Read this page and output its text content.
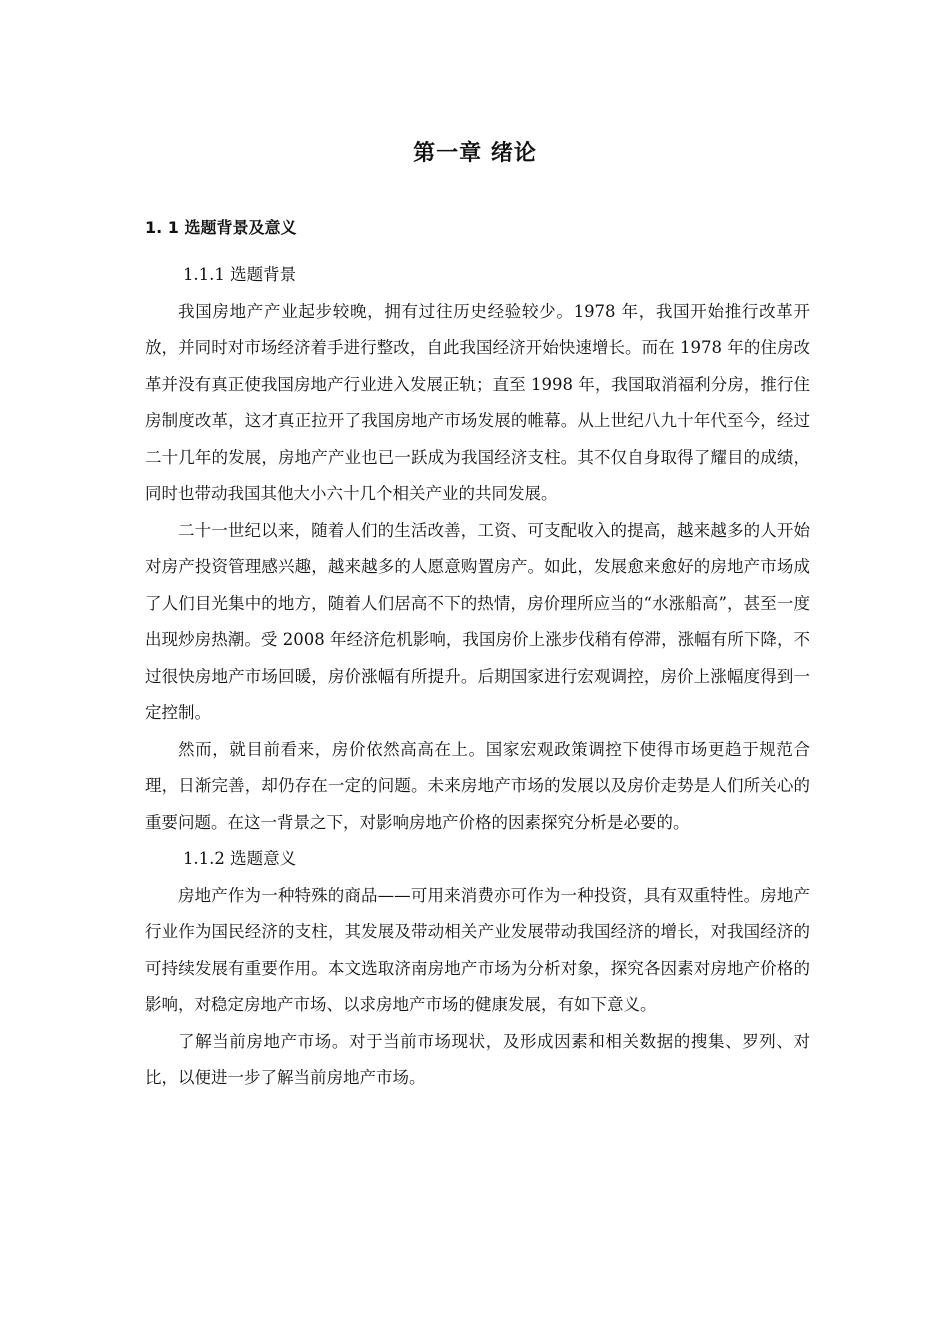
第一章 绪论
1. 1 选题背景及意义

1.1.1 选题背景

我国房地产产业起步较晚，拥有过往历史经验较少。1978 年，我国开始推行改革开放，并同时对市场经济着手进行整改，自此我国经济开始快速增长。而在 1978 年的住房改革并没有真正使我国房地产行业进入发展正轨；直至 1998 年，我国取消福利分房，推行住房制度改革，这才真正拉开了我国房地产市场发展的帷幕。从上世纪八九十年代至今，经过二十几年的发展，房地产产业也已一跃成为我国经济支柱。其不仅自身取得了耀目的成绩，同时也带动我国其他大小六十几个相关产业的共同发展。

二十一世纪以来，随着人们的生活改善，工资、可支配收入的提高，越来越多的人开始对房产投资管理感兴趣，越来越多的人愿意购置房产。如此，发展愈来愈好的房地产市场成了人们目光集中的地方，随着人们居高不下的热情，房价理所应当的“水涨船高”，甚至一度出现炒房热潮。受 2008 年经济危机影响，我国房价上涨步伐稍有停滞，涨幅有所下降，不过很快房地产市场回暖，房价涨幅有所提升。后期国家进行宏观调控，房价上涨幅度得到一定控制。

然而，就目前看来，房价依然高高在上。国家宏观政策调控下使得市场更趋于规范合理，日渐完善，却仍存在一定的问题。未来房地产市场的发展以及房价走势是人们所关心的重要问题。在这一背景之下，对影响房地产价格的因素探究分析是必要的。

1.1.2 选题意义

房地产作为一种特殊的商品——可用来消费亦可作为一种投资，具有双重特性。房地产行业作为国民经济的支柱，其发展及带动相关产业发展带动我国经济的增长，对我国经济的可持续发展有重要作用。本文选取济南房地产市场为分析对象，探究各因素对房地产价格的影响，对稳定房地产市场、以求房地产市场的健康发展，有如下意义。

了解当前房地产市场。对于当前市场现状，及形成因素和相关数据的搜集、罗列、对比，以便进一步了解当前房地产市场。
